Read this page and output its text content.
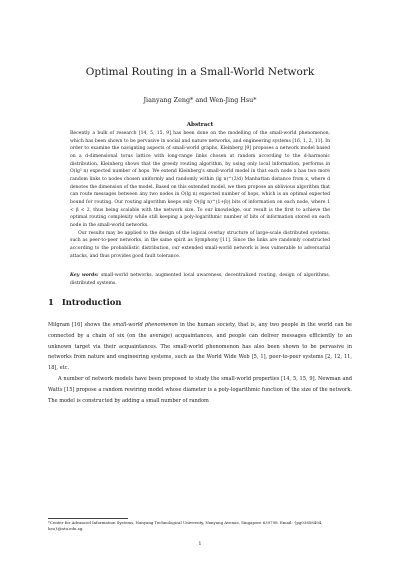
Optimal Routing in a Small-World Network
Jianyang Zeng* and Wen-Jing Hsu*
Abstract

Recently a bulk of research [14, 5, 15, 9] has been done on the modelling of the small-world phenomenon, which has been shown to be pervasive in social and nature networks, and engineering systems [16, 1, 2, 11]. In order to examine the navigating aspects of small-world graphs, Kleinberg [9] proposes a network model based on a d-dimensional torus lattice with long-range links chosen at random according to the d-harmonic distribution. Kleinberg shows that the greedy routing algorithm, by using only local information, performs in O(lg² n) expected number of hops. We extend Kleinberg's small-world model in that each node x has two more random links to nodes chosen uniformly and randomly within (lg n)^(2/d) Manhattan distance from x, where d denotes the dimension of the model. Based on this extended model, we then propose an oblivious algorithm that can route messages between any two nodes in O(lg n) expected number of hops, which is an optimal expected bound for routing. Our routing algorithm keeps only O((lg n)^(1+β)) bits of information on each node, where 1 < β < 2, thus being scalable with the network size. To our knowledge, our result is the first to achieve the optimal routing complexity while still keeping a poly-logarithmic number of bits of information stored on each node in the small-world networks.

Our results may be applied to the design of the logical overlay structure of large-scale distributed systems, such as peer-to-peer networks, in the same spirit as Symphony [11]. Since the links are randomly constructed according to the probabilistic distribution, our extended small-world network is less vulnerable to adversarial attacks, and thus provides good fault tolerance.

Key words: small-world networks, augmented local awareness, decentralized routing, design of algorithms, distributed systems.
1 Introduction

Milgram [16] shows the small-world phenomenon in the human society, that is, any two people in the world can be connected by a chain of six (on the average) acquaintances, and people can deliver messages efficiently to an unknown target via their acquaintances. The small-world phenomenon has also been shown to be pervasive in networks from nature and engineering systems, such as the World Wide Web [5, 1], peer-to-peer systems [2, 12, 11, 18], etc.

A number of network models have been proposed to study the small-world properties [14, 5, 15, 9]. Newman and Watts [15] propose a random rewiring model whose diameter is a poly-logarithmic function of the size of the network. The model is constructed by adding a small number of random

*Center for Advanced Information Systems, Nanyang Technological University, Nanyang Avenue, Singapore 639798. Email: {pg03858494, hsu}@ntu.edu.sg.
1
